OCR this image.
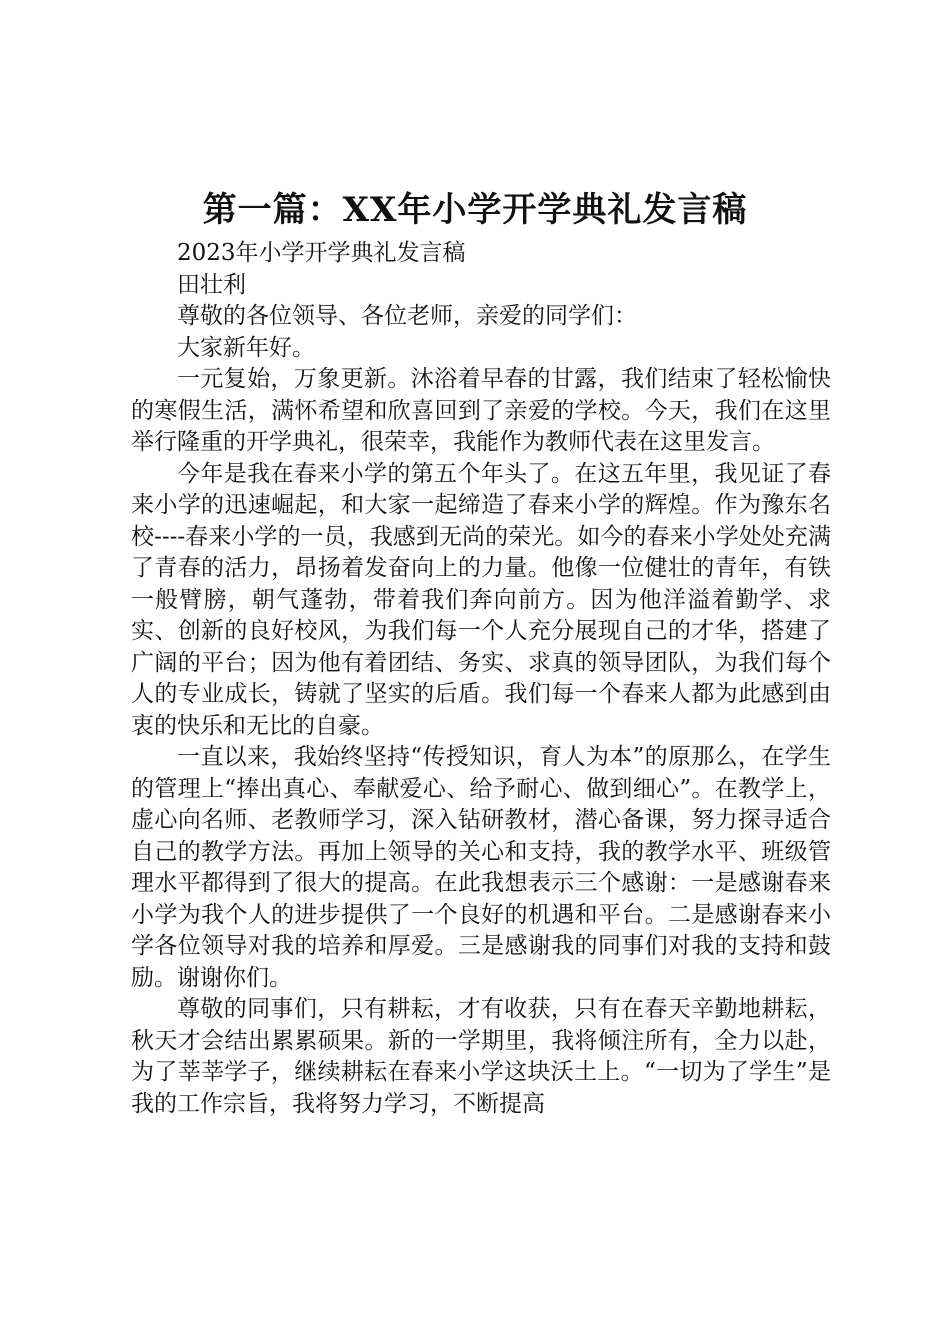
第一篇：XX年小学开学典礼发言稿

2023年小学开学典礼发言稿

田壮利

尊敬的各位领导、各位老师，亲爱的同学们：

大家新年好。

一元复始，万象更新。沐浴着早春的甘露，我们结束了轻松愉快的寒假生活，满怀希望和欣喜回到了亲爱的学校。今天，我们在这里举行隆重的开学典礼，很荣幸，我能作为教师代表在这里发言。

今年是我在春来小学的第五个年头了。在这五年里，我见证了春来小学的迅速崛起，和大家一起缔造了春来小学的辉煌。作为豫东名校----春来小学的一员，我感到无尚的荣光。如今的春来小学处处充满了青春的活力，昂扬着发奋向上的力量。他像一位健壮的青年，有铁一般臂膀，朝气蓬勃，带着我们奔向前方。因为他洋溢着勤学、求实、创新的良好校风，为我们每一个人充分展现自己的才华，搭建了广阔的平台；因为他有着团结、务实、求真的领导团队，为我们每个人的专业成长，铸就了坚实的后盾。我们每一个春来人都为此感到由衷的快乐和无比的自豪。

一直以来，我始终坚持“传授知识，育人为本”的原那么，在学生的管理上“捧出真心、奉献爱心、给予耐心、做到细心”。在教学上，虚心向名师、老教师学习，深入钻研教材，潜心备课，努力探寻适合自己的教学方法。再加上领导的关心和支持，我的教学水平、班级管理水平都得到了很大的提高。在此我想表示三个感谢：一是感谢春来小学为我个人的进步提供了一个良好的机遇和平台。二是感谢春来小学各位领导对我的培养和厚爱。三是感谢我的同事们对我的支持和鼓励。谢谢你们。

尊敬的同事们，只有耕耘，才有收获，只有在春天辛勤地耕耘，秋天才会结出累累硕果。新的一学期里，我将倾注所有，全力以赴，为了莘莘学子，继续耕耘在春来小学这块沃土上。“一切为了学生”是我的工作宗旨，我将努力学习，不断提高
